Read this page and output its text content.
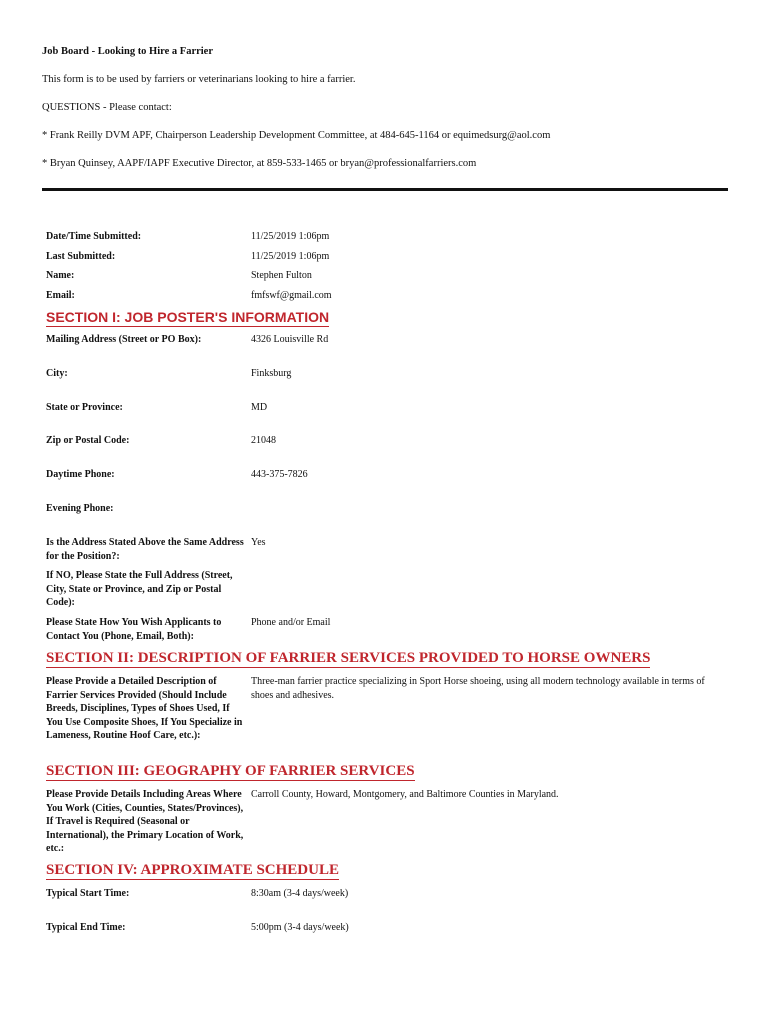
Job Board - Looking to Hire a Farrier
This form is to be used by farriers or veterinarians looking to hire a farrier.
QUESTIONS - Please contact:
* Frank Reilly DVM APF, Chairperson Leadership Development Committee, at 484-645-1164 or equimedsurg@aol.com
* Bryan Quinsey, AAPF/IAPF Executive Director, at 859-533-1465 or bryan@professionalfarriers.com
Date/Time Submitted:	11/25/2019 1:06pm
Last Submitted:	11/25/2019 1:06pm
Name:	Stephen Fulton
Email:	fmfswf@gmail.com
SECTION I: JOB POSTER'S INFORMATION
Mailing Address (Street or PO Box):	4326 Louisville Rd
City:	Finksburg
State or Province:	MD
Zip or Postal Code:	21048
Daytime Phone:	443-375-7826
Evening Phone:
Is the Address Stated Above the Same Address for the Position?:
Yes
If NO, Please State the Full Address (Street, City, State or Province, and Zip or Postal Code):
Please State How You Wish Applicants to Contact You (Phone, Email, Both):
Phone and/or Email
SECTION II: DESCRIPTION OF FARRIER SERVICES PROVIDED TO HORSE OWNERS
Please Provide a Detailed Description of Farrier Services Provided (Should Include Breeds, Disciplines, Types of Shoes Used, If You Use Composite Shoes, If You Specialize in Lameness, Routine Hoof Care, etc.):
Three-man farrier practice specializing in Sport Horse shoeing, using all modern technology available in terms of shoes and adhesives.
SECTION III: GEOGRAPHY OF FARRIER SERVICES
Please Provide Details Including Areas Where You Work (Cities, Counties, States/Provinces), If Travel is Required (Seasonal or International), the Primary Location of Work, etc.:
Carroll County, Howard, Montgomery, and Baltimore Counties in Maryland.
SECTION IV: APPROXIMATE SCHEDULE
Typical Start Time:	8:30am (3-4 days/week)
Typical End Time:	5:00pm (3-4 days/week)
